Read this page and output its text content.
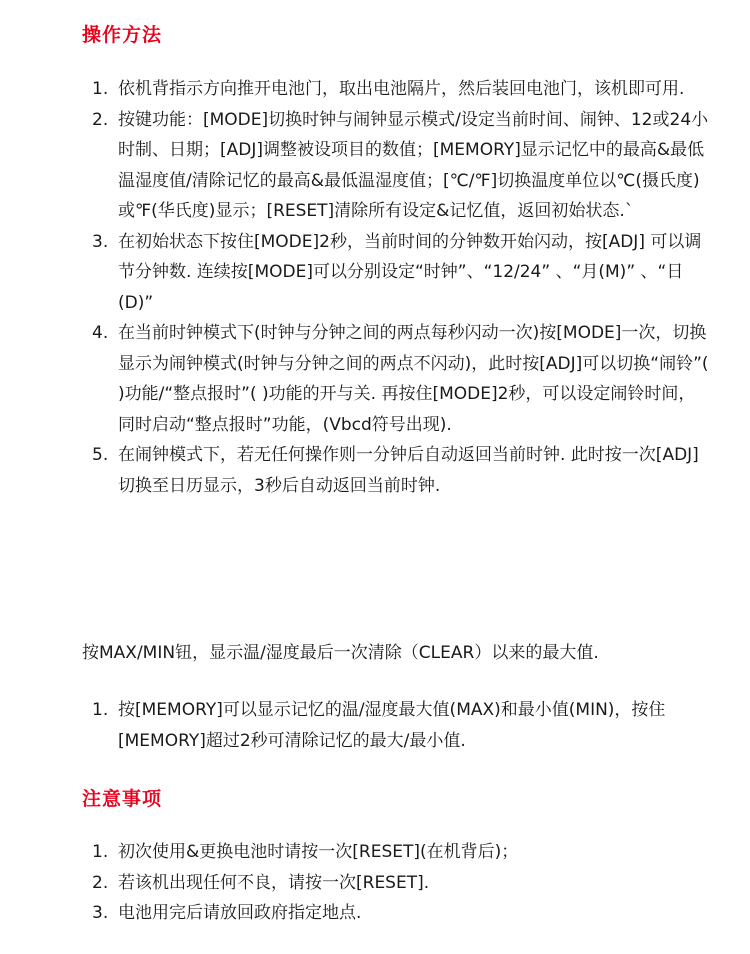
操作方法
1. 依机背指示方向推开电池门，取出电池隔片，然后装回电池门，该机即可用.
2. 按键功能：[MODE]切换时钟与闹钟显示模式/设定当前时间、闹钟、12或24小时制、日期；[ADJ]调整被设项目的数值；[MEMORY]显示记忆中的最高&最低温湿度值/清除记忆的最高&最低温湿度值；[℃/℉]切换温度单位以℃(摄氏度)或℉(华氏度)显示；[RESET]清除所有设定&记忆值，返回初始状态.`
3. 在初始状态下按住[MODE]2秒，当前时间的分钟数开始闪动，按[ADJ] 可以调节分钟数. 连续按[MODE]可以分别设定“时钟”、“12/24” 、“月(M)” 、“日(D)”
4. 在当前时钟模式下(时钟与分钟之间的两点每秒闪动一次)按[MODE]一次，切换显示为闹钟模式(时钟与分钟之间的两点不闪动)，此时按[ADJ]可以切换“闹铃”( )功能/“整点报时”( )功能的开与关. 再按住[MODE]2秒，可以设定闹铃时间，同时启动“整点报时”功能，(Vbcd符号出现).
5. 在闹钟模式下，若无任何操作则一分钟后自动返回当前时钟. 此时按一次[ADJ]切换至日历显示，3秒后自动返回当前时钟.
按MAX/MIN钮，显示温/湿度最后一次清除（CLEAR）以来的最大值.
1. 按[MEMORY]可以显示记忆的温/湿度最大值(MAX)和最小值(MIN)，按住[MEMORY]超过2秒可清除记忆的最大/最小值.
注意事项
1. 初次使用&更换电池时请按一次[RESET](在机背后)；
2. 若该机出现任何不良，请按一次[RESET].
3. 电池用完后请放回政府指定地点.
